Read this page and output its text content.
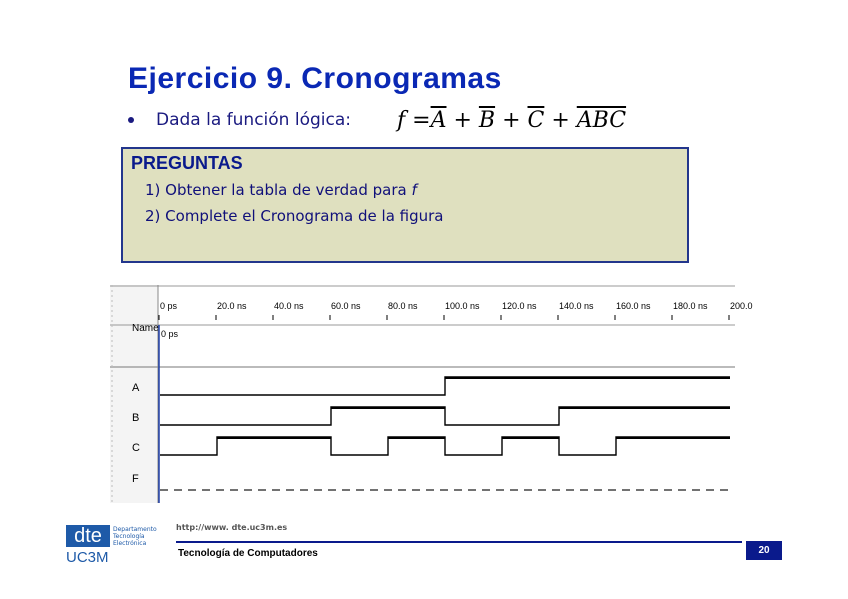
Ejercicio 9. Cronogramas
Dada la función lógica: $f =\overline{A} + \overline{B} + \overline{C} + \overline{ABC}$
PREGUNTAS
1) Obtener la tabla de verdad para f
2) Complete el Cronograma de la figura
Name 0 ps
0 ps	20.0 ns	40.0 ns	60.0 ns	80.0 ns	100.0 ns 120.0 ns 140.0 ns 160.0 ns 180.0 ns 200.0
A
B
C
F
dte
UC3M
Departamento
Tecnología
Electrónica
http://www. dte.uc3m.es
Tecnología de Computadores	20
